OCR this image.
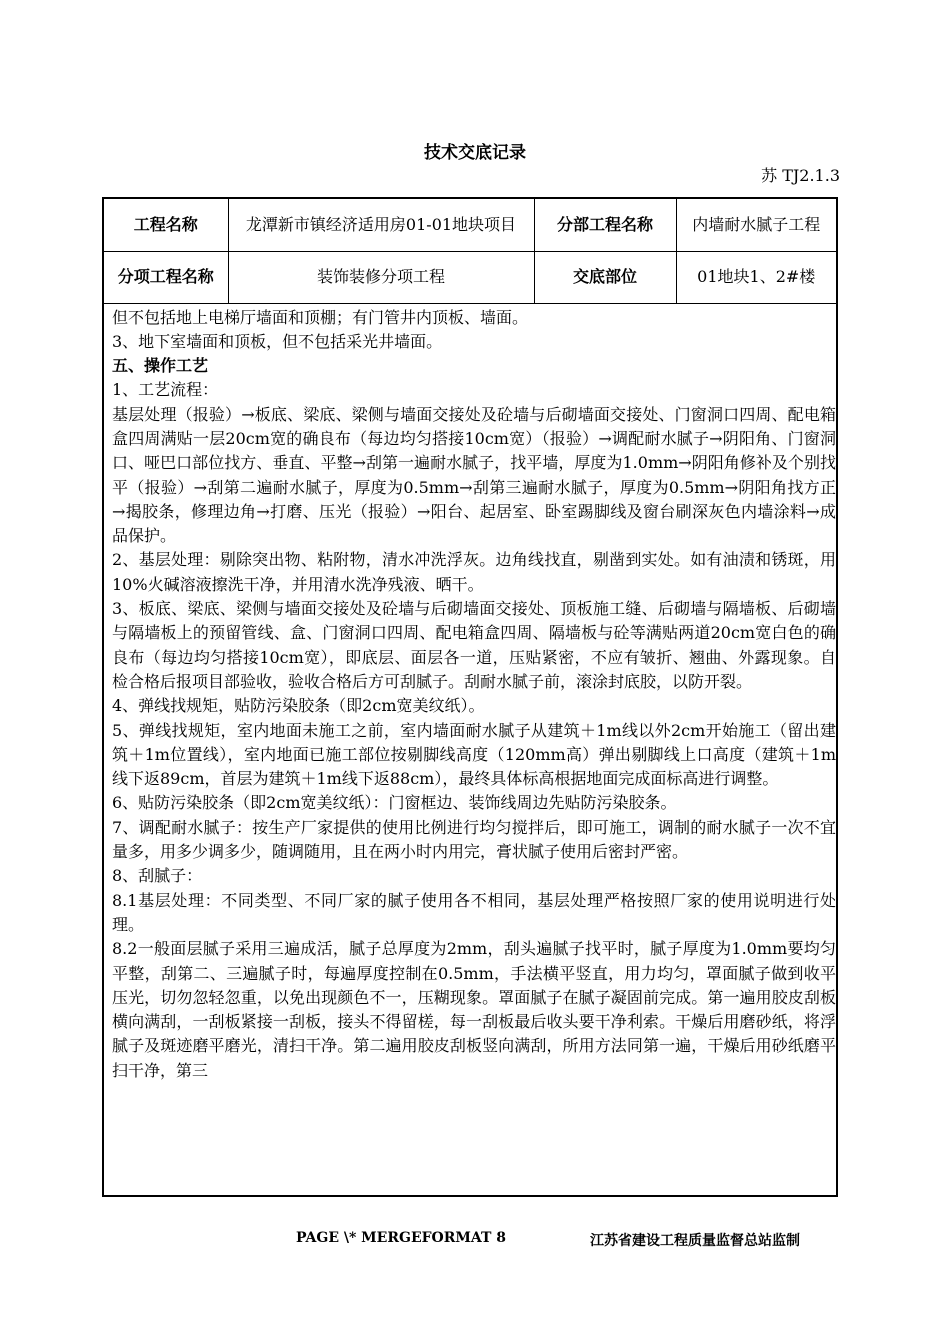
技术交底记录
苏 TJ2.1.3
工程名称	龙潭新市镇经济适用房01-01地块项目	分部工程名称	内墙耐水腻子工程
分项工程名称	装饰装修分项工程	交底部位	01地块1、2#楼

但不包括地上电梯厅墙面和顶棚；有门管井内顶板、墙面。

3、地下室墙面和顶板，但不包括采光井墙面。

五、操作工艺

1、工艺流程：

基层处理（报验）→板底、梁底、梁侧与墙面交接处及砼墙与后砌墙面交接处、门窗洞口四周、配电箱盒四周满贴一层20cm宽的确良布（每边均匀搭接10cm宽）（报验）→调配耐水腻子→阴阳角、门窗洞口、哑巴口部位找方、垂直、平整→刮第一遍耐水腻子，找平墙，厚度为1.0mm→阴阳角修补及个别找平（报验）→刮第二遍耐水腻子，厚度为0.5mm→刮第三遍耐水腻子，厚度为0.5mm→阴阳角找方正→揭胶条，修理边角→打磨、压光（报验）→阳台、起居室、卧室踢脚线及窗台刷深灰色内墙涂料→成品保护。

2、基层处理：剔除突出物、粘附物，清水冲洗浮灰。边角线找直，剔凿到实处。如有油渍和锈斑，用10%火碱溶液擦洗干净，并用清水洗净残液、晒干。

3、板底、梁底、梁侧与墙面交接处及砼墙与后砌墙面交接处、顶板施工缝、后砌墙与隔墙板、后砌墙与隔墙板上的预留管线、盒、门窗洞口四周、配电箱盒四周、隔墙板与砼等满贴两道20cm宽白色的确良布（每边均匀搭接10cm宽），即底层、面层各一道，压贴紧密，不应有皱折、翘曲、外露现象。自检合格后报项目部验收，验收合格后方可刮腻子。刮耐水腻子前，滚涂封底胶，以防开裂。

4、弹线找规矩，贴防污染胶条（即2cm宽美纹纸）。

5、弹线找规矩，室内地面未施工之前，室内墙面耐水腻子从建筑＋1m线以外2cm开始施工（留出建筑＋1m位置线），室内地面已施工部位按剔脚线高度（120mm高）弹出剔脚线上口高度（建筑＋1m线下返89cm，首层为建筑＋1m线下返88cm），最终具体标高根据地面完成面标高进行调整。

6、贴防污染胶条（即2cm宽美纹纸）：门窗框边、装饰线周边先贴防污染胶条。

7、调配耐水腻子：按生产厂家提供的使用比例进行均匀搅拌后，即可施工，调制的耐水腻子一次不宜量多，用多少调多少，随调随用，且在两小时内用完，膏状腻子使用后密封严密。

8、刮腻子：

8.1基层处理：不同类型、不同厂家的腻子使用各不相同，基层处理严格按照厂家的使用说明进行处理。

8.2一般面层腻子采用三遍成活，腻子总厚度为2mm，刮头遍腻子找平时，腻子厚度为1.0mm要均匀平整，刮第二、三遍腻子时，每遍厚度控制在0.5mm，手法横平竖直，用力均匀，罩面腻子做到收平压光，切勿忽轻忽重，以免出现颜色不一，压糊现象。罩面腻子在腻子凝固前完成。第一遍用胶皮刮板横向满刮，一刮板紧接一刮板，接头不得留槎，每一刮板最后收头要干净利索。干燥后用磨砂纸，将浮腻子及斑迹磨平磨光，清扫干净。第二遍用胶皮刮板竖向满刮，所用方法同第一遍，干燥后用砂纸磨平扫干净，第三

PAGE \* MERGEFORMAT 8	江苏省建设工程质量监督总站监制
